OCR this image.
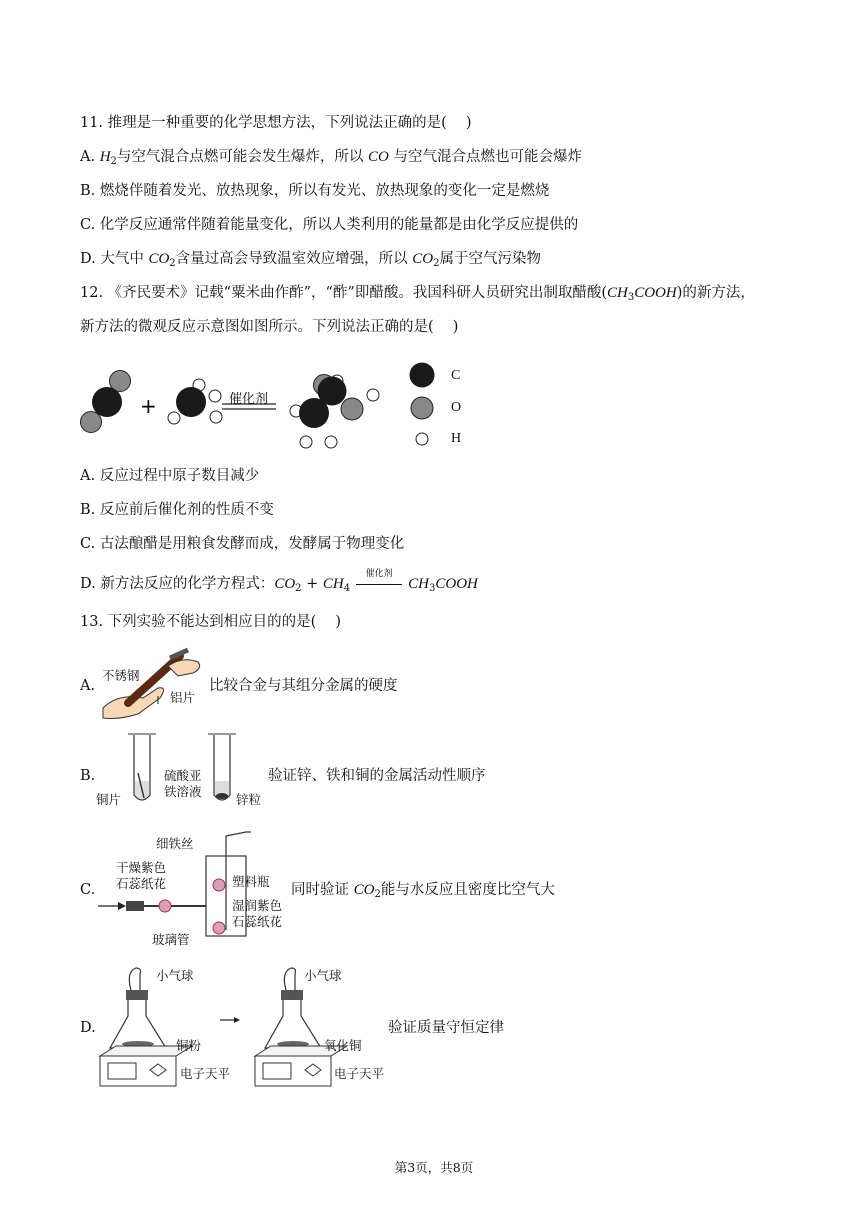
11. 推理是一种重要的化学思想方法，下列说法正确的是(　 )
A. $H_2$与空气混合点燃可能会发生爆炸，所以 CO 与空气混合点燃也可能会爆炸
B. 燃烧伴随着发光、放热现象，所以有发光、放热现象的变化一定是燃烧
C. 化学反应通常伴随着能量变化，所以人类利用的能量都是由化学反应提供的
D. 大气中 $CO_2$含量过高会导致温室效应增强，所以 $CO_2$属于空气污染物
12. 《齐民要术》记载“粟米曲作酢”，“酢”即醋酸。我国科研人员研究出制取醋酸$(CH_3COOH)$的新方法，
新方法的微观反应示意图如图所示。下列说法正确的是(　 )
+	催化剂
C
O
H
A. 反应过程中原子数目减少
B. 反应前后催化剂的性质不变
C. 古法酿醋是用粮食发酵而成，发酵属于物理变化
D. 新方法反应的化学方程式：$CO_2 + CH_4$
催化剂
$CH_3COOH$
13. 下列实验不能达到相应目的的是(　 )
A.
不锈钢
铝片
比较合金与其组分金属的硬度
B.
铜片
硫酸亚
铁溶液
锌粒
验证锌、铁和铜的金属活动性顺序
C.
细铁丝
干燥紫色
石蕊纸花	塑料瓶
湿润紫色
石蕊纸花
玻璃管
同时验证 $CO_2$能与水反应且密度比空气大
D.
小气球
铜粉
电子天平
小气球
氧化铜
电子天平
验证质量守恒定律
第3页，共8页
